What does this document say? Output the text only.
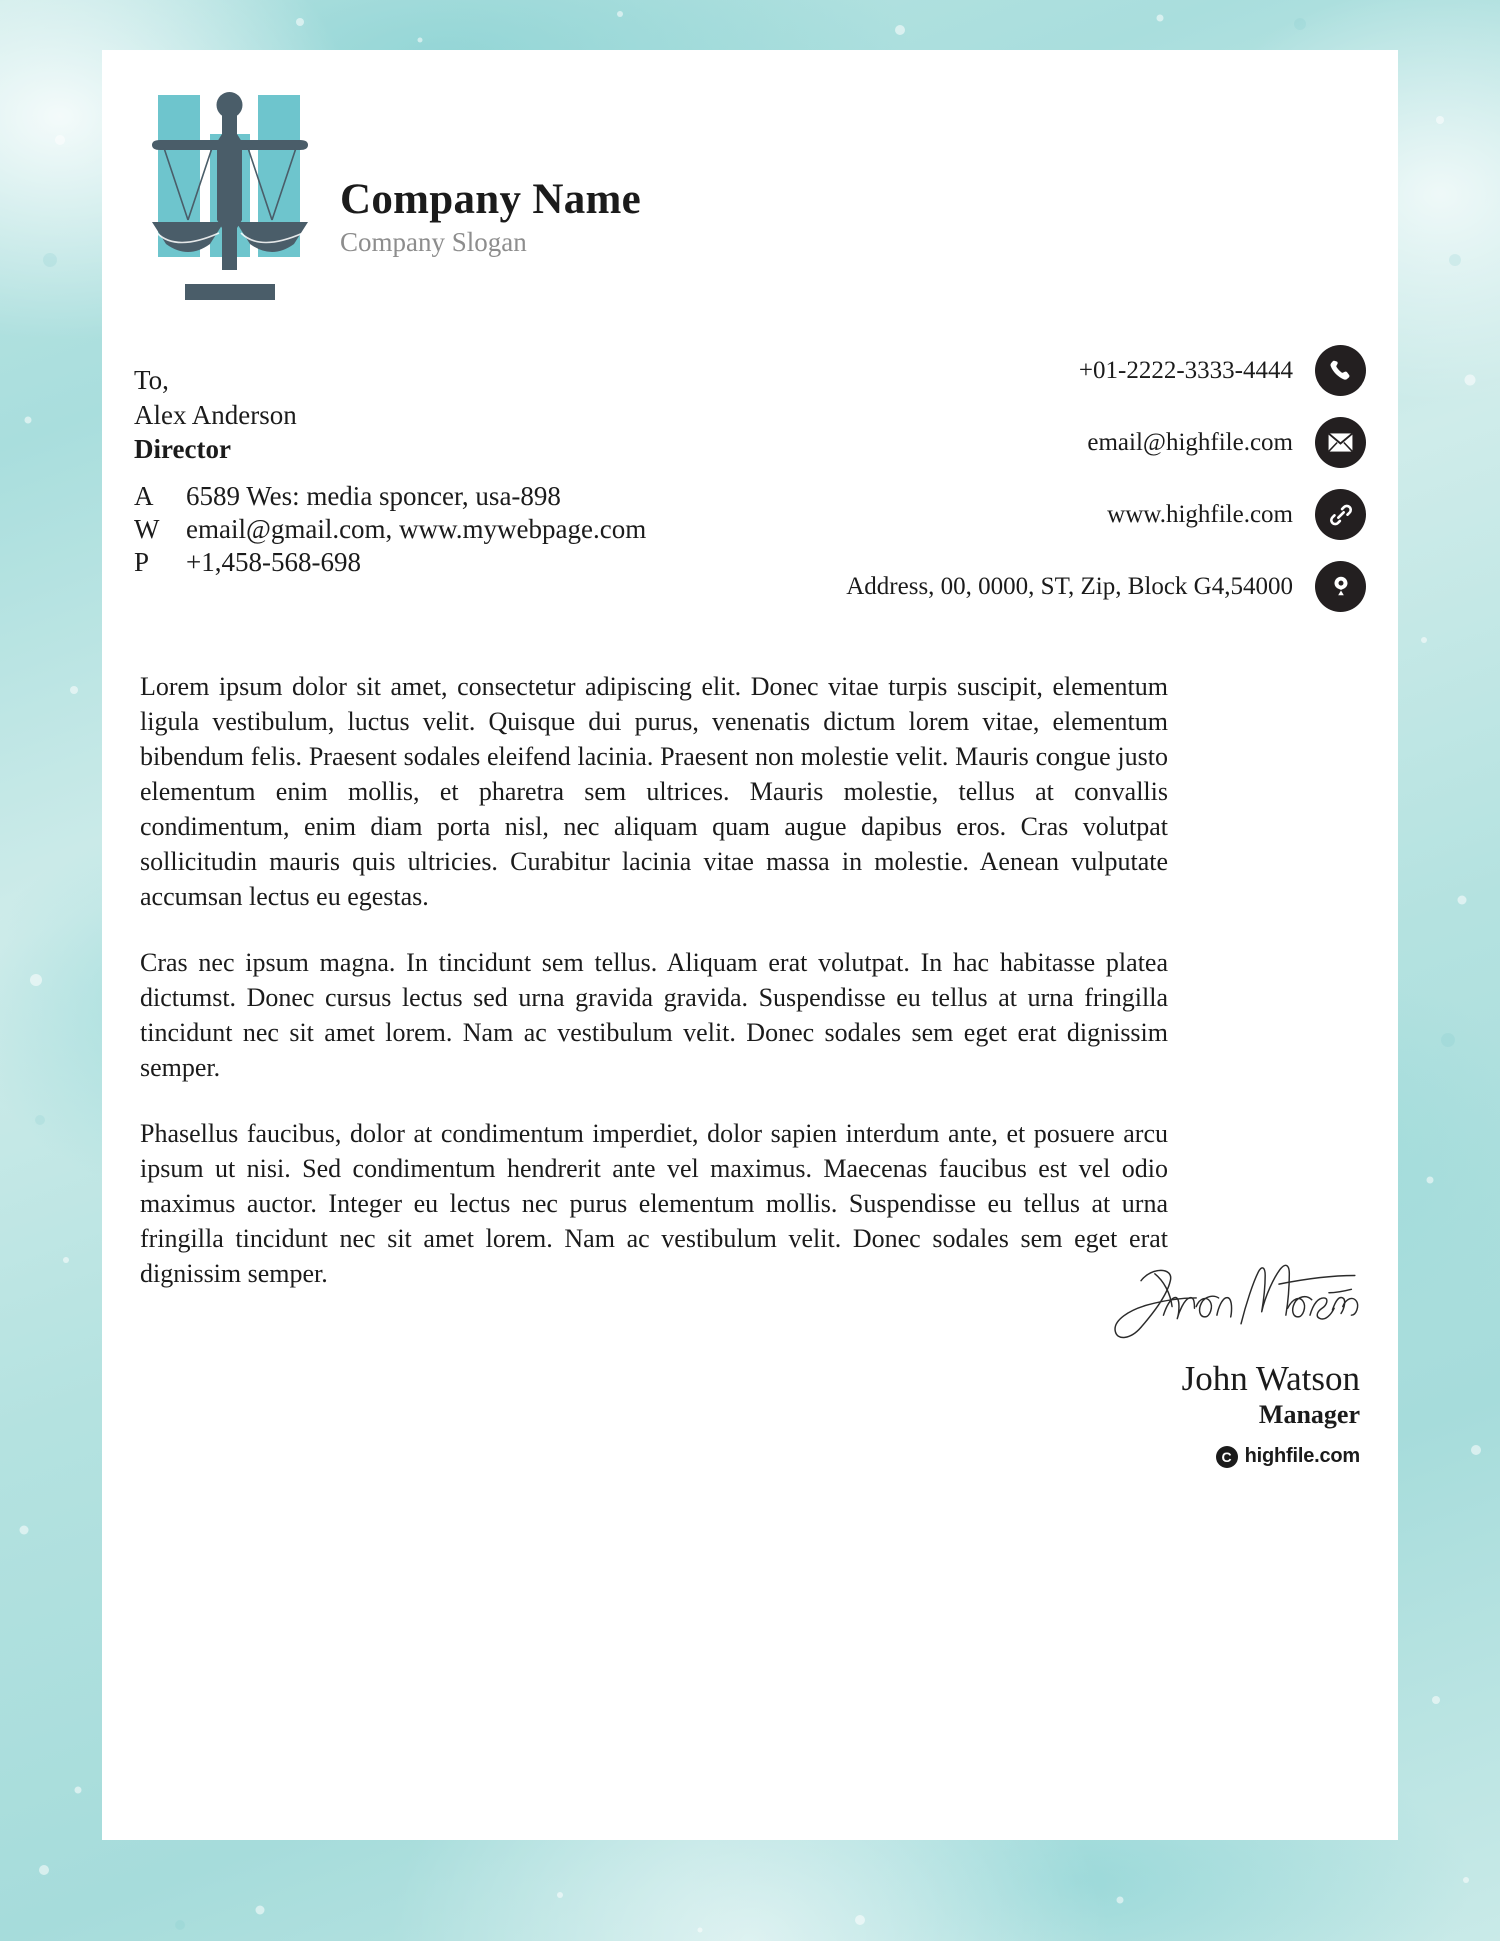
Company Name
Company Slogan
To,
Alex Anderson
Director
A	6589 Wes: media sponcer, usa-898
W email@gmail.com, www.mywebpage.com
P	+1,458-568-698
+01-2222-3333-4444
email@highfile.com
www.highfile.com
Address, 00, 0000, ST, Zip, Block G4,54000

Lorem ipsum dolor sit amet, consectetur adipiscing elit. Donec vitae turpis suscipit, elementum ligula vestibulum, luctus velit. Quisque dui purus, venenatis dictum lorem vitae, elementum bibendum felis. Praesent sodales eleifend lacinia. Praesent non molestie velit. Mauris congue justo elementum enim mollis, et pharetra sem ultrices. Mauris molestie, tellus at convallis condimentum, enim diam porta nisl, nec aliquam quam augue dapibus eros. Cras volutpat sollicitudin mauris quis ultricies. Curabitur lacinia vitae massa in molestie. Aenean vulputate accumsan lectus eu egestas.

Cras nec ipsum magna. In tincidunt sem tellus. Aliquam erat volutpat. In hac habitasse platea dictumst. Donec cursus lectus sed urna gravida gravida. Suspendisse eu tellus at urna fringilla tincidunt nec sit amet lorem. Nam ac vestibulum velit. Donec sodales sem eget erat dignissim semper.

Phasellus faucibus, dolor at condimentum imperdiet, dolor sapien interdum ante, et posuere arcu ipsum ut nisi. Sed condimentum hendrerit ante vel maximus. Maecenas faucibus est vel odio maximus auctor. Integer eu lectus nec purus elementum mollis. Suspendisse eu tellus at urna fringilla tincidunt nec sit amet lorem. Nam ac vestibulum velit. Donec sodales sem eget erat dignissim semper.

John Watson
Manager
C highfile.com
